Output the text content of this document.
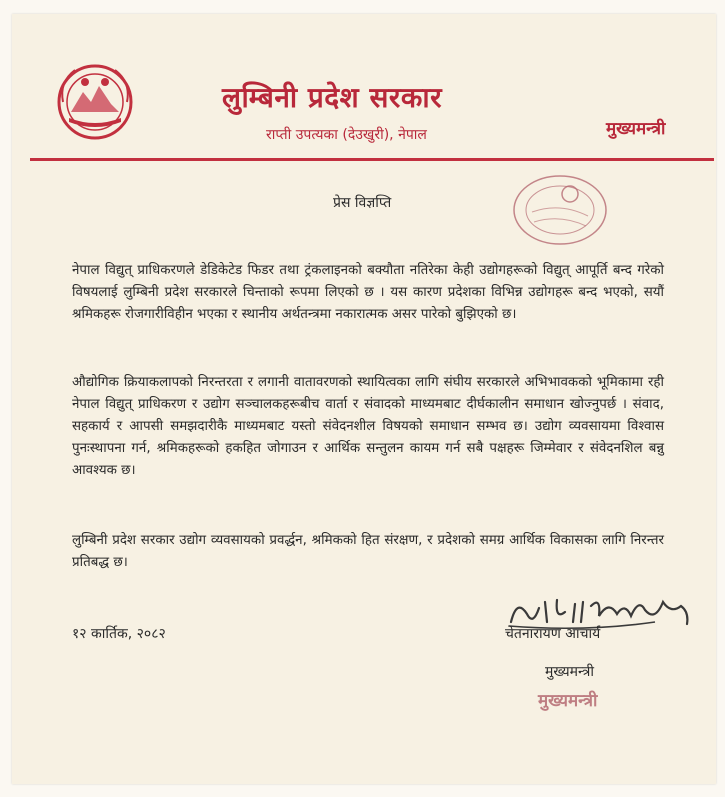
लुम्बिनी प्रदेश सरकार
राप्ती उपत्यका (देउखुरी), नेपाल	मुख्यमन्त्री
प्रेस विज्ञप्ति

नेपाल विद्युत् प्राधिकरणले डेडिकेटेड फिडर तथा ट्रंकलाइनको बक्यौता नतिरेका केही उद्योगहरूको विद्युत् आपूर्ति बन्द गरेको विषयलाई लुम्बिनी प्रदेश सरकारले चिन्ताको रूपमा लिएको छ । यस कारण प्रदेशका विभिन्न उद्योगहरू बन्द भएको, सयौं श्रमिकहरू रोजगारीविहीन भएका र स्थानीय अर्थतन्त्रमा नकारात्मक असर पारेको बुझिएको छ।

औद्योगिक क्रियाकलापको निरन्तरता र लगानी वातावरणको स्थायित्वका लागि संघीय सरकारले अभिभावकको भूमिकामा रही नेपाल विद्युत् प्राधिकरण र उद्योग सञ्चालकहरूबीच वार्ता र संवादको माध्यमबाट दीर्घकालीन समाधान खोज्नुपर्छ । संवाद, सहकार्य र आपसी समझदारीकै माध्यमबाट यस्तो संवेदनशील विषयको समाधान सम्भव छ। उद्योग व्यवसायमा विश्वास पुनःस्थापना गर्न, श्रमिकहरूको हकहित जोगाउन र आर्थिक सन्तुलन कायम गर्न सबै पक्षहरू जिम्मेवार र संवेदनशिल बन्नु आवश्यक छ।

लुम्बिनी प्रदेश सरकार उद्योग व्यवसायको प्रवर्द्धन, श्रमिकको हित संरक्षण, र प्रदेशको समग्र आर्थिक विकासका लागि निरन्तर प्रतिबद्ध छ।

१२ कार्तिक, २०८२	चेतनारायण आचार्य
मुख्यमन्त्री
मुख्यमन्त्री
